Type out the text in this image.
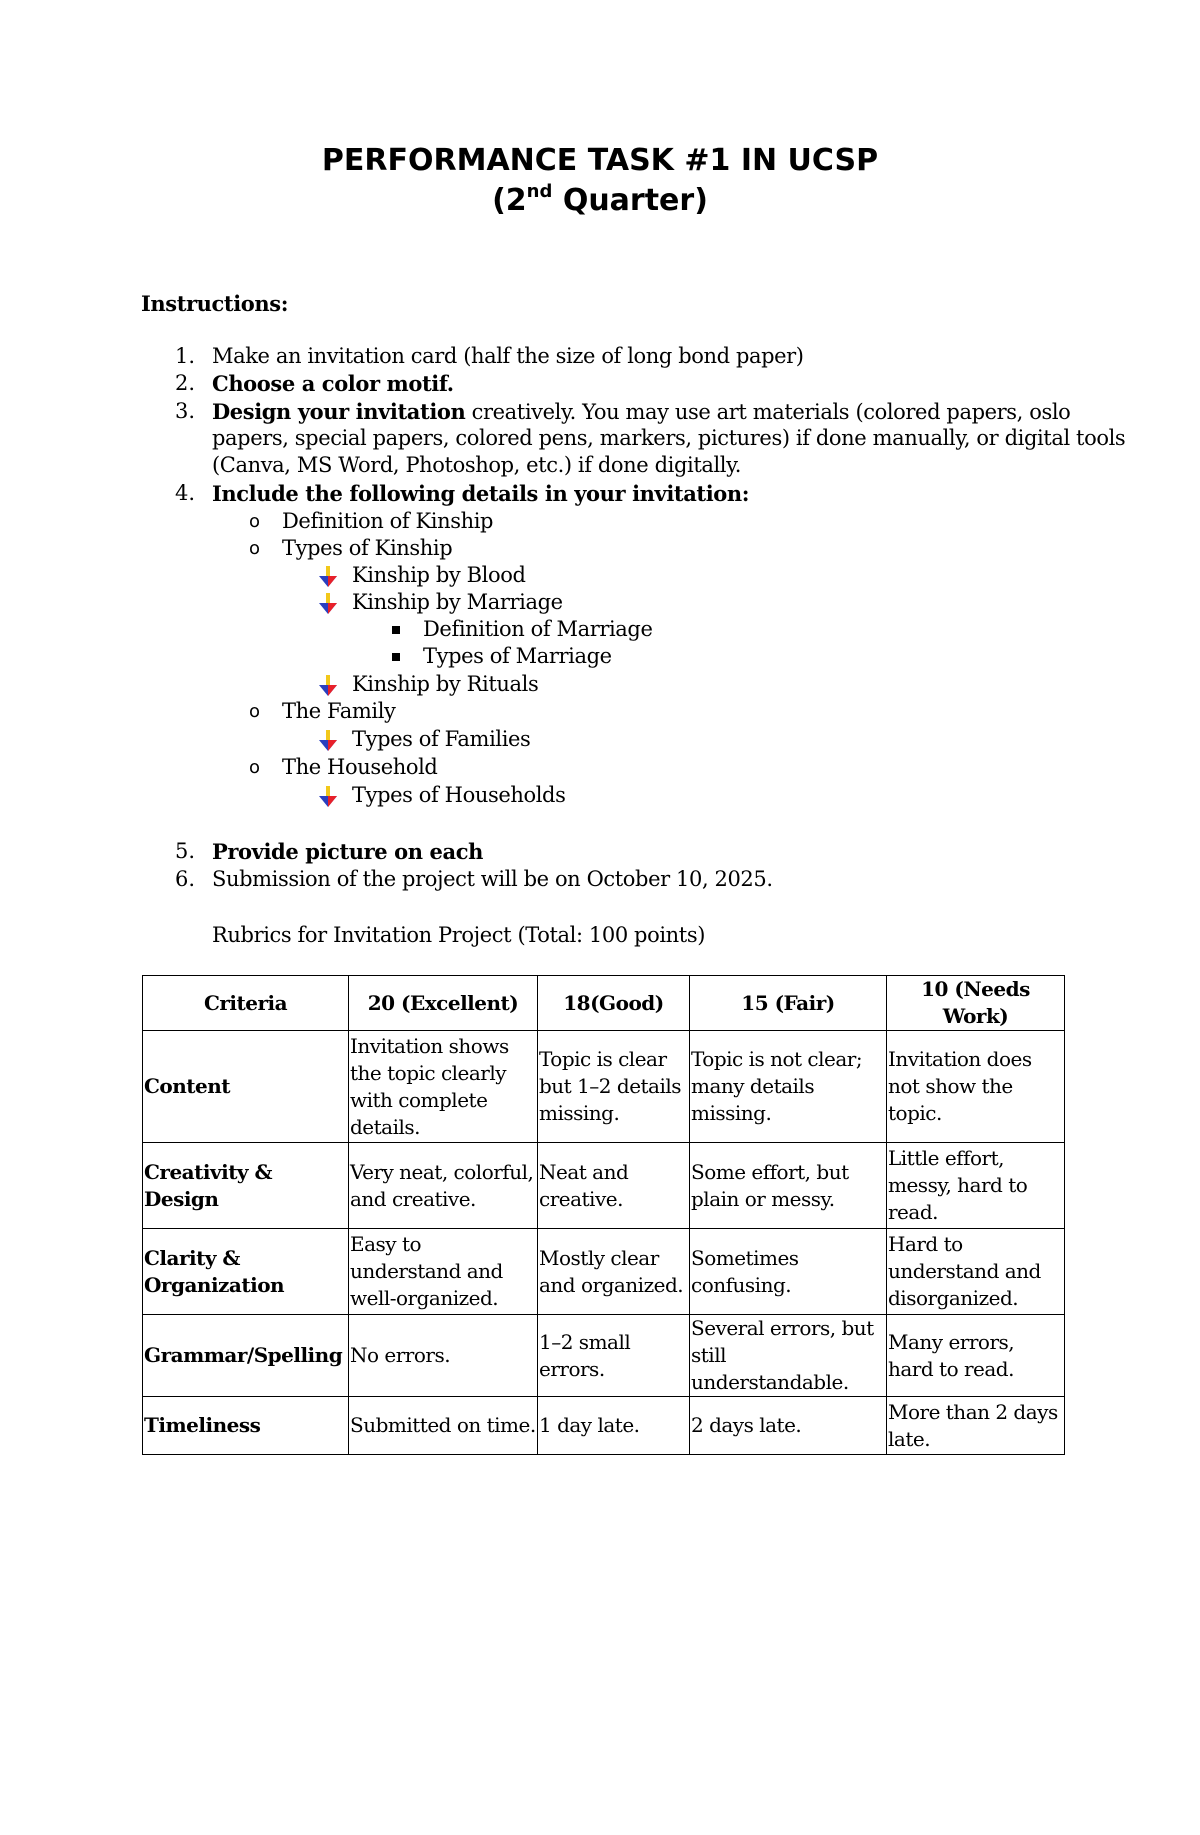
PERFORMANCE TASK #1 IN UCSP
(2nd Quarter)
Instructions:
1. Make an invitation card (half the size of long bond paper)
2. Choose a color motif.
3. Design your invitation creatively. You may use art materials (colored papers, oslo
papers, special papers, colored pens, markers, pictures) if done manually, or digital tools
(Canva, MS Word, Photoshop, etc.) if done digitally.
4. Include the following details in your invitation:
o Definition of Kinship
o Types of Kinship
Kinship by Blood
Kinship by Marriage
Definition of Marriage
Types of Marriage
Kinship by Rituals
o The Family
Types of Families
o The Household
Types of Households
5. Provide picture on each
6. Submission of the project will be on October 10, 2025.
Rubrics for Invitation Project (Total: 100 points)
Criteria	20 (Excellent)	18(Good)	15 (Fair)	10 (Needs Work)
Content	Invitation shows the topic clearly with complete details.	Topic is clear but 1–2 details missing.	Topic is not clear; many details missing.	Invitation does not show the topic.
Creativity & Design	Very neat, colorful, and creative.	Neat and creative.	Some effort, but plain or messy.	Little effort, messy, hard to read.
Clarity & Organization	Easy to understand and well-organized.	Mostly clear and organized.	Sometimes confusing.	Hard to understand and disorganized.
Grammar/Spelling	No errors.	1–2 small errors.	Several errors, but still understandable.	Many errors, hard to read.
Timeliness	Submitted on time.	1 day late.	2 days late.	More than 2 days late.
